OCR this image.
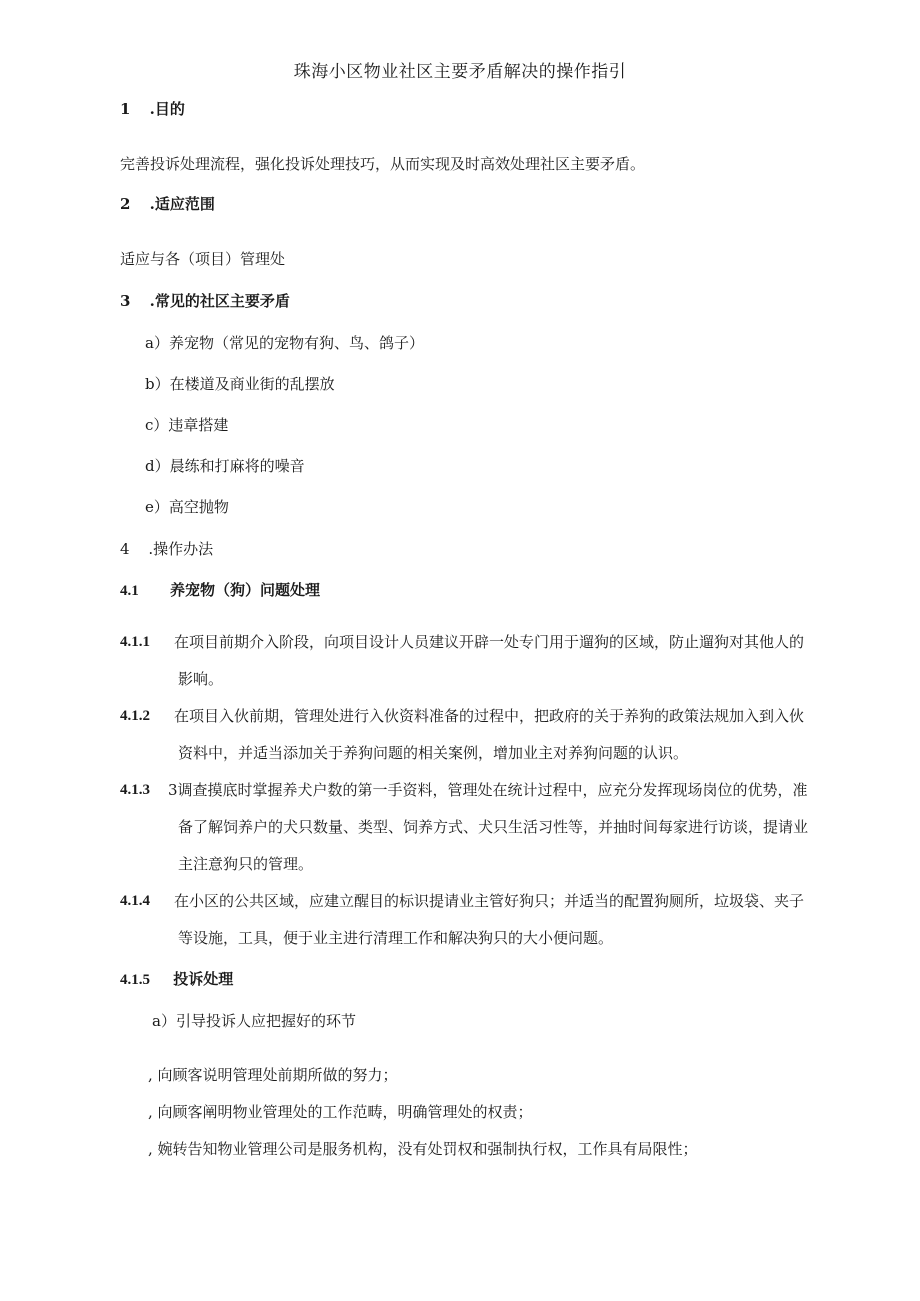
珠海小区物业社区主要矛盾解决的操作指引
1 .目的
完善投诉处理流程，强化投诉处理技巧，从而实现及时高效处理社区主要矛盾。
2 .适应范围
适应与各（项目）管理处
3 .常见的社区主要矛盾
a）养宠物（常见的宠物有狗、鸟、鸽子）
b）在楼道及商业街的乱摆放
c）违章搭建
d）晨练和打麻将的噪音
e）高空抛物
4 .操作办法
4.1 养宠物（狗）问题处理
4.1.1	在项目前期介入阶段，向项目设计人员建议开辟一处专门用于遛狗的区域，防止遛狗对其他人的
影响。
4.1.2	在项目入伙前期，管理处进行入伙资料准备的过程中，把政府的关于养狗的政策法规加入到入伙
资料中，并适当添加关于养狗问题的相关案例，增加业主对养狗问题的认识。
4.1.3	3调查摸底时掌握养犬户数的第一手资料，管理处在统计过程中，应充分发挥现场岗位的优势，准
备了解饲养户的犬只数量、类型、饲养方式、犬只生活习性等，并抽时间每家进行访谈，提请业
主注意狗只的管理。
4.1.4	在小区的公共区域，应建立醒目的标识提请业主管好狗只；并适当的配置狗厕所，垃圾袋、夹子
等设施，工具，便于业主进行清理工作和解决狗只的大小便问题。
4.1.5 投诉处理
a）引导投诉人应把握好的环节
, 向顾客说明管理处前期所做的努力；
, 向顾客阐明物业管理处的工作范畴，明确管理处的权责；
, 婉转告知物业管理公司是服务机构，没有处罚权和强制执行权，工作具有局限性；
